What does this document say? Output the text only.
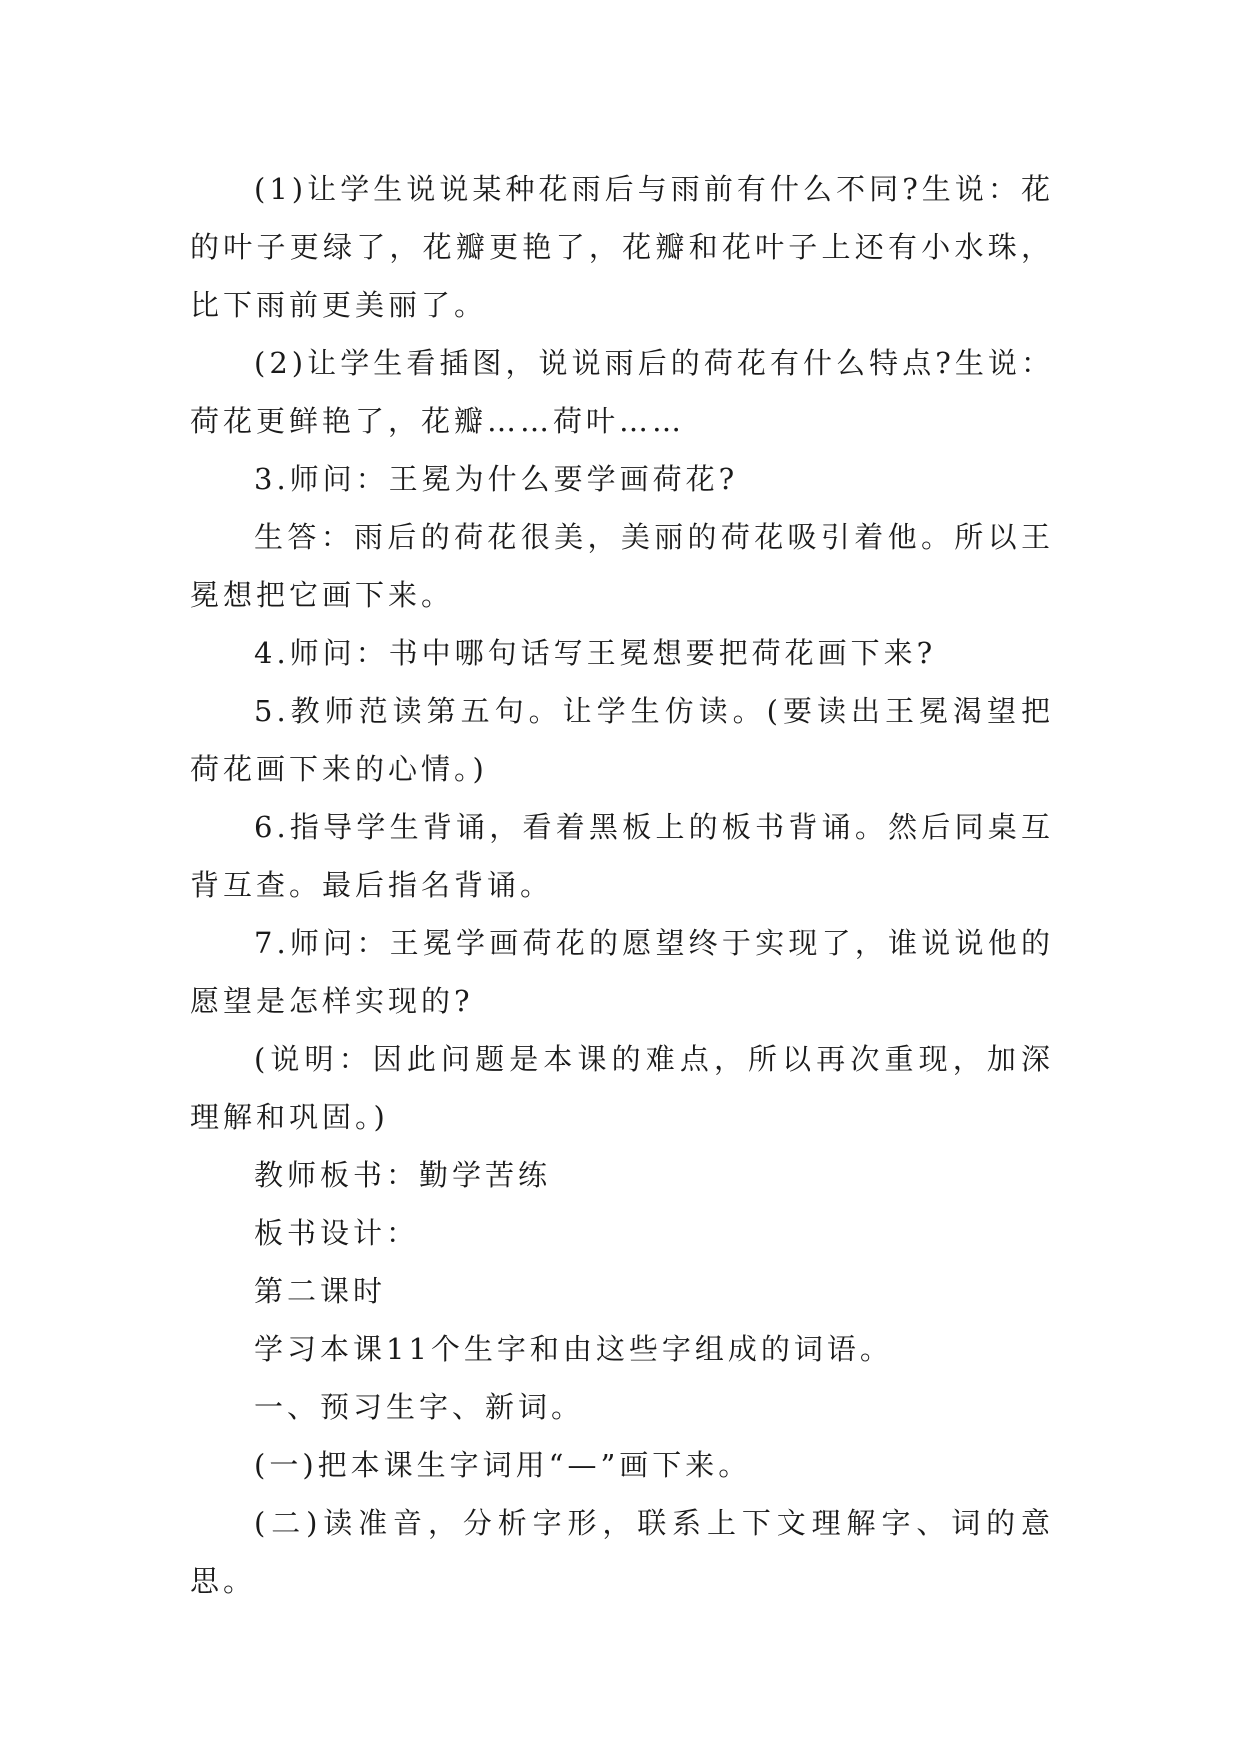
(1)让学生说说某种花雨后与雨前有什么不同?生说：花的叶子更绿了，花瓣更艳了，花瓣和花叶子上还有小水珠，比下雨前更美丽了。

(2)让学生看插图，说说雨后的荷花有什么特点?生说：荷花更鲜艳了，花瓣……荷叶……

3.师问：王冕为什么要学画荷花?

生答：雨后的荷花很美，美丽的荷花吸引着他。所以王冕想把它画下来。

4.师问：书中哪句话写王冕想要把荷花画下来?

5.教师范读第五句。让学生仿读。(要读出王冕渴望把荷花画下来的心情。)

6.指导学生背诵，看着黑板上的板书背诵。然后同桌互背互查。最后指名背诵。

7.师问：王冕学画荷花的愿望终于实现了，谁说说他的愿望是怎样实现的?

(说明：因此问题是本课的难点，所以再次重现，加深理解和巩固。)

教师板书：勤学苦练

板书设计：

第二课时

学习本课11个生字和由这些字组成的词语。

一、预习生字、新词。

(一)把本课生字词用“—”画下来。

(二)读准音，分析字形，联系上下文理解字、词的意思。
